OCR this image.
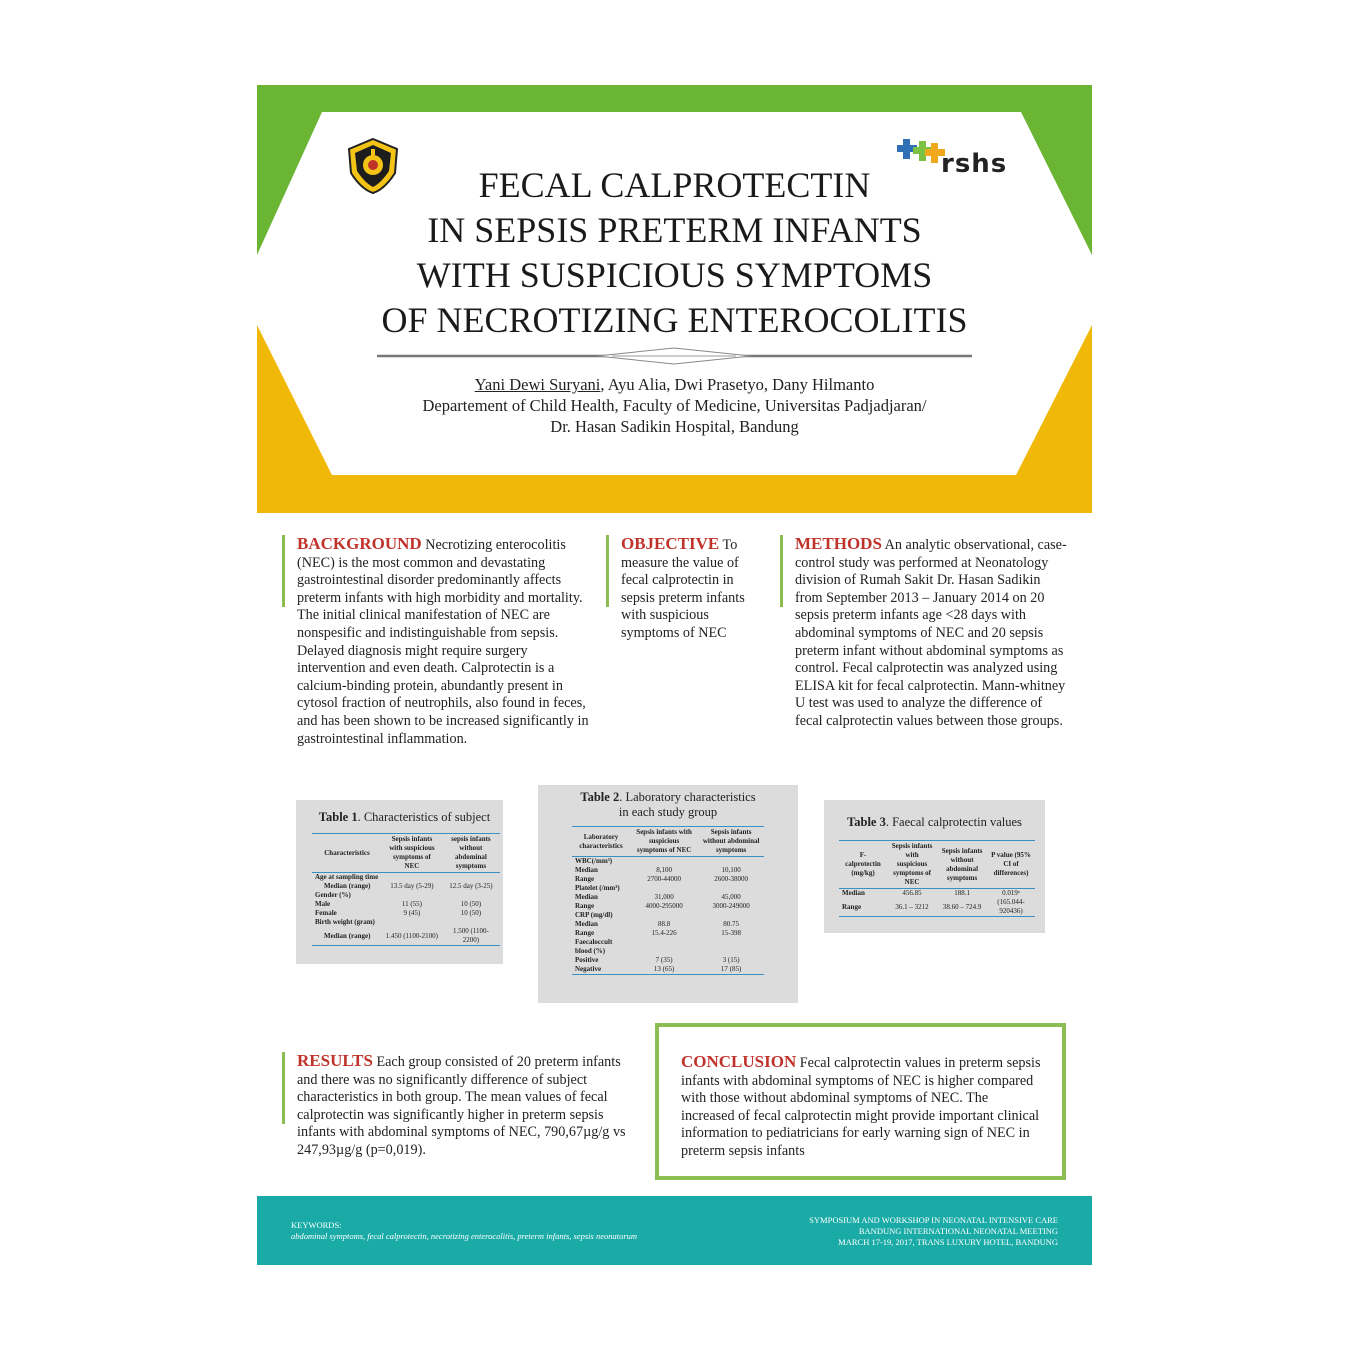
rshs
FECAL CALPROTECTIN
IN SEPSIS PRETERM INFANTS
WITH SUSPICIOUS SYMPTOMS
OF NECROTIZING ENTEROCOLITIS
Yani Dewi Suryani, Ayu Alia, Dwi Prasetyo, Dany Hilmanto
Departement of Child Health, Faculty of Medicine, Universitas Padjadjaran/
Dr. Hasan Sadikin Hospital, Bandung
BACKGROUND Necrotizing enterocolitis (NEC) is the most common and devastating gastrointestinal disorder predominantly affects preterm infants with high morbidity and mortality. The initial clinical manifestation of NEC are nonspesific and indistinguishable from sepsis. Delayed diagnosis might require surgery intervention and even death. Calprotectin is a calcium-binding protein, abundantly present in cytosol fraction of neutrophils, also found in feces, and has been shown to be increased significantly in gastrointestinal inflammation.
OBJECTIVE To measure the value of fecal calprotectin in sepsis preterm infants with suspicious symptoms of NEC
METHODS An analytic observational, case-control study was performed at Neonatology division of Rumah Sakit Dr. Hasan Sadikin from September 2013 – January 2014 on 20 sepsis preterm infants age <28 days with abdominal symptoms of NEC and 20 sepsis preterm infant without abdominal symptoms as control. Fecal calprotectin was analyzed using ELISA kit for fecal calprotectin. Mann-whitney U test was used to analyze the difference of fecal calprotectin values between those groups.
Table 1. Characteristics of subject
Characteristics	Sepsis infants with suspicious symptoms of NEC	sepsis infants without abdominal symptoms
Age at sampling time		
Median (range)	13.5 day (5-29)	12.5 day (3-25)
Gender (%)		
Male	11 (55)	10 (50)
Female	9 (45)	10 (50)
Birth weight (gram)		
Median (range)	1.450 (1100-2100)	1.500 (1100-2200)
Table 2. Laboratory characteristics
in each study group
Laboratory characteristics	Sepsis infants with suspicious symptoms of NEC	Sepsis infants without abdominal symptoms
WBC(/mm³)		
Median	8,100	10,100
Range	2700-44000	2600-38000
Platelet (/mm³)		
Median	31,000	45,000
Range	4000-295000	3000-249000
CRP (mg/dl)		
Median	88.8	80.75
Range	15.4-226	15-398
Faecaloccult blood (%)		
Positive	7 (35)	3 (15)
Negative	13 (65)	17 (85)
Table 3. Faecal calprotectin values
F-calprotectin (mg/kg)	Sepsis infants with suspicious symptoms of NEC	Sepsis infants without abdominal symptoms	P value (95% CI of differences)
Median	456.85	188.1	0.019ᵃ
Range	36.1 – 3212	38.60 – 724.9	(165.044-920436)
RESULTS Each group consisted of 20 preterm infants and there was no significantly difference of subject characteristics in both group. The mean values of fecal calprotectin was significantly higher in preterm sepsis infants with abdominal symptoms of NEC, 790,67µg/g vs 247,93µg/g (p=0,019).
CONCLUSION Fecal calprotectin values in preterm sepsis infants with abdominal symptoms of NEC is higher compared with those without abdominal symptoms of NEC. The increased of fecal calprotectin might provide important clinical information to pediatricians for early warning sign of NEC in preterm sepsis infants
KEYWORDS:
abdominal symptoms, fecal calprotectin, necrotizing enterocolitis, preterm infants, sepsis neonatorum
SYMPOSIUM AND WORKSHOP IN NEONATAL INTENSIVE CARE
BANDUNG INTERNATIONAL NEONATAL MEETING
MARCH 17-19, 2017, TRANS LUXURY HOTEL, BANDUNG
